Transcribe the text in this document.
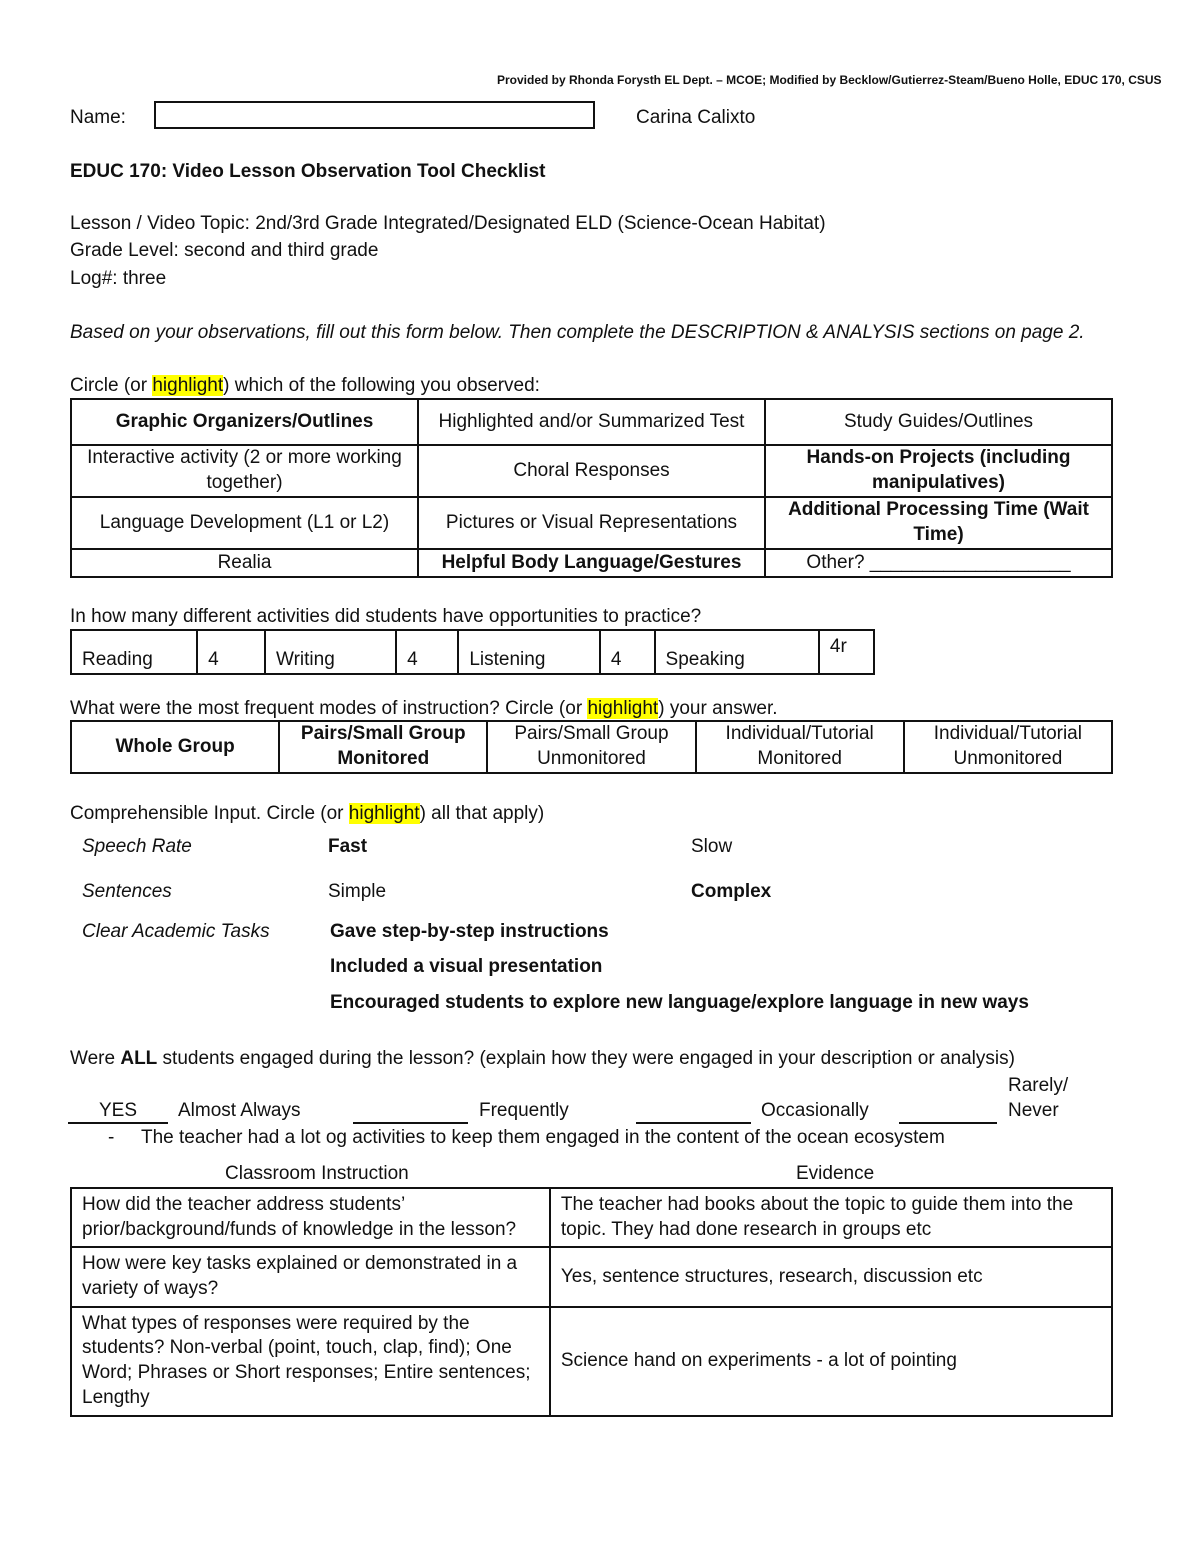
Provided by Rhonda Forysth EL Dept. – MCOE; Modified by Becklow/Gutierrez-Steam/Bueno Holle, EDUC 170, CSUS
Name:	Carina Calixto
EDUC 170: Video Lesson Observation Tool Checklist
Lesson / Video Topic: 2nd/3rd Grade Integrated/Designated ELD (Science-Ocean Habitat)
Grade Level: second and third grade
Log#: three
Based on your observations, fill out this form below. Then complete the DESCRIPTION & ANALYSIS sections on page 2.
Circle (or highlight) which of the following you observed:
Graphic Organizers/Outlines	Highlighted and/or Summarized Test	Study Guides/Outlines
Interactive activity (2 or more working together)	Choral Responses	Hands-on Projects (including manipulatives)
Language Development (L1 or L2)	Pictures or Visual Representations	Additional Processing Time (Wait Time)
Realia	Helpful Body Language/Gestures	Other? ___________________
In how many different activities did students have opportunities to practice?
Reading	4	Writing	4	Listening	4	Speaking	4r
What were the most frequent modes of instruction? Circle (or highlight) your answer.
Whole Group	Pairs/Small Group Monitored	Pairs/Small Group Unmonitored	Individual/Tutorial Monitored	Individual/Tutorial Unmonitored
Comprehensible Input. Circle (or highlight) all that apply)
Speech Rate	Fast	Slow
Sentences	Simple	Complex
Clear Academic Tasks	Gave step-by-step instructions
Included a visual presentation
Encouraged students to explore new language/explore language in new ways
Were ALL students engaged during the lesson? (explain how they were engaged in your description or analysis)
Rarely/
YES	Almost Always	Frequently	Occasionally	Never
- The teacher had a lot og activities to keep them engaged in the content of the ocean ecosystem
Classroom Instruction	Evidence
How did the teacher address students’ prior/background/funds of knowledge in the lesson?	The teacher had books about the topic to guide them into the topic. They had done research in groups etc
How were key tasks explained or demonstrated in a variety of ways?	Yes, sentence structures, research, discussion etc
What types of responses were required by the students? Non-verbal (point, touch, clap, find); One Word; Phrases or Short responses; Entire sentences; Lengthy	Science hand on experiments - a lot of pointing
